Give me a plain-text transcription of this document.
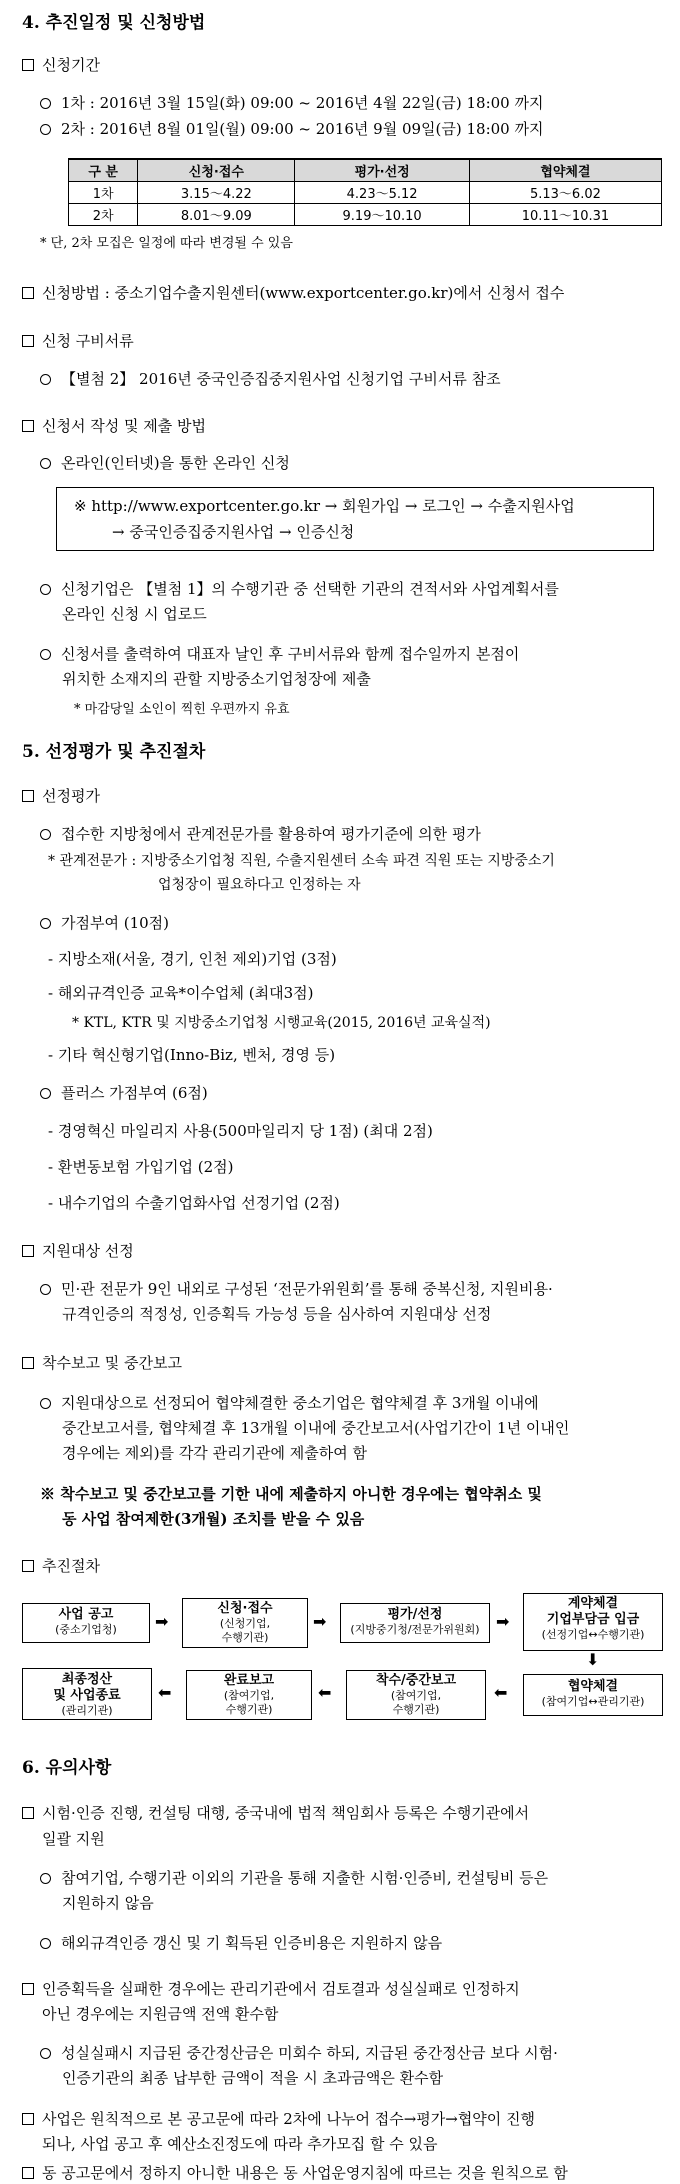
4. 추진일정 및 신청방법
신청기간
1차 : 2016년 3월 15일(화) 09:00 ~ 2016년 4월 22일(금) 18:00 까지
2차 : 2016년 8월 01일(월) 09:00 ~ 2016년 9월 09일(금) 18:00 까지
구 분	신청·접수	평가·선정	협약체결
1차	3.15～4.22	4.23～5.12	5.13～6.02
2차	8.01～9.09	9.19～10.10	10.11～10.31
* 단, 2차 모집은 일정에 따라 변경될 수 있음
신청방법 : 중소기업수출지원센터(www.exportcenter.go.kr)에서 신청서 접수
신청 구비서류
【별첨 2】 2016년 중국인증집중지원사업 신청기업 구비서류 참조
신청서 작성 및 제출 방법
온라인(인터넷)을 통한 온라인 신청
※ http://www.exportcenter.go.kr → 회원가입 → 로그인 → 수출지원사업
→ 중국인증집중지원사업 → 인증신청
신청기업은 【별첨 1】의 수행기관 중 선택한 기관의 견적서와 사업계획서를
온라인 신청 시 업로드
신청서를 출력하여 대표자 날인 후 구비서류와 함께 접수일까지 본점이
위치한 소재지의 관할 지방중소기업청장에 제출
* 마감당일 소인이 찍힌 우편까지 유효
5. 선정평가 및 추진절차
선정평가
접수한 지방청에서 관계전문가를 활용하여 평가기준에 의한 평가
* 관계전문가 : 지방중소기업청 직원, 수출지원센터 소속 파견 직원 또는 지방중소기
업청장이 필요하다고 인정하는 자
가점부여 (10점)
- 지방소재(서울, 경기, 인천 제외)기업 (3점)
- 해외규격인증 교육*이수업체 (최대3점)
* KTL, KTR 및 지방중소기업청 시행교육(2015, 2016년 교육실적)
- 기타 혁신형기업(Inno-Biz, 벤처, 경영 등)
플러스 가점부여 (6점)
- 경영혁신 마일리지 사용(500마일리지 당 1점) (최대 2점)
- 환변동보험 가입기업 (2점)
- 내수기업의 수출기업화사업 선정기업 (2점)
지원대상 선정
민·관 전문가 9인 내외로 구성된 ‘전문가위원회’를 통해 중복신청, 지원비용·
규격인증의 적정성, 인증획득 가능성 등을 심사하여 지원대상 선정
착수보고 및 중간보고
지원대상으로 선정되어 협약체결한 중소기업은 협약체결 후 3개월 이내에
중간보고서를, 협약체결 후 13개월 이내에 중간보고서(사업기간이 1년 이내인
경우에는 제외)를 각각 관리기관에 제출하여 함
※ 착수보고 및 중간보고를 기한 내에 제출하지 아니한 경우에는 협약취소 및
동 사업 참여제한(3개월) 조치를 받을 수 있음
추진절차
사업 공고
(중소기업청)	➡
신청·접수
(신청기업,
수행기관)
➡	평가/선정
(지방중기청/전문가위원회)	➡
계약체결
기업부담금 입금
(선정기업↔수행기관)
⬇
최종정산
및 사업종료
(관리기관)
⬅
완료보고
(참여기업,
수행기관)
⬅
착수/중간보고
(참여기업,
수행기관)
⬅	협약체결
(참여기업↔관리기관)
6. 유의사항
시험·인증 진행, 컨설팅 대행, 중국내에 법적 책임회사 등록은 수행기관에서
일괄 지원
참여기업, 수행기관 이외의 기관을 통해 지출한 시험·인증비, 컨설팅비 등은
지원하지 않음
해외규격인증 갱신 및 기 획득된 인증비용은 지원하지 않음
인증획득을 실패한 경우에는 관리기관에서 검토결과 성실실패로 인정하지
아닌 경우에는 지원금액 전액 환수함
성실실패시 지급된 중간정산금은 미회수 하되, 지급된 중간정산금 보다 시험·
인증기관의 최종 납부한 금액이 적을 시 초과금액은 환수함
사업은 원칙적으로 본 공고문에 따라 2차에 나누어 접수→평가→협약이 진행
되나, 사업 공고 후 예산소진정도에 따라 추가모집 할 수 있음
동 공고문에서 정하지 아니한 내용은 동 사업운영지침에 따르는 것을 원칙으로 함
